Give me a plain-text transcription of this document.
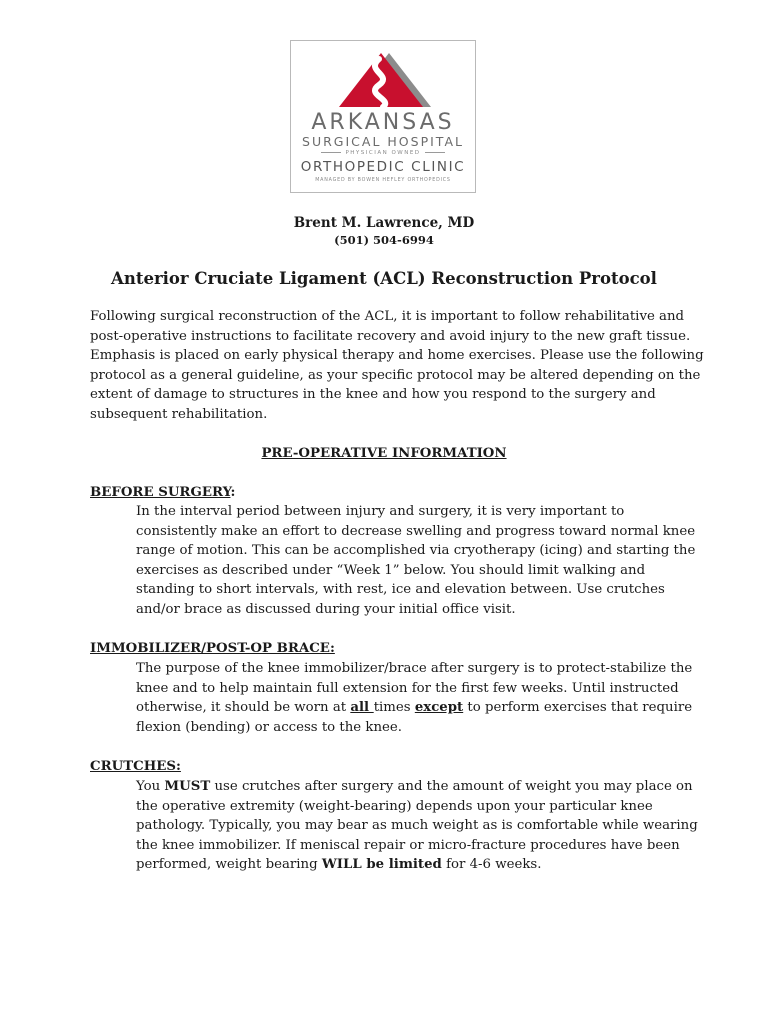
ARKANSAS
SURGICAL HOSPITAL
PHYSICIAN OWNED
ORTHOPEDIC CLINIC
MANAGED BY BOWEN HEFLEY ORTHOPEDICS
Brent M. Lawrence, MD
(501) 504-6994
Anterior Cruciate Ligament (ACL) Reconstruction Protocol
Following surgical reconstruction of the ACL, it is important to follow rehabilitative and
post-operative instructions to facilitate recovery and avoid injury to the new graft tissue.
Emphasis is placed on early physical therapy and home exercises. Please use the following
protocol as a general guideline, as your specific protocol may be altered depending on the
extent of damage to structures in the knee and how you respond to the surgery and
subsequent rehabilitation.
PRE-OPERATIVE INFORMATION
BEFORE SURGERY:
In the interval period between injury and surgery, it is very important to
consistently make an effort to decrease swelling and progress toward normal knee
range of motion. This can be accomplished via cryotherapy (icing) and starting the
exercises as described under “Week 1” below. You should limit walking and
standing to short intervals, with rest, ice and elevation between. Use crutches
and/or brace as discussed during your initial office visit.
IMMOBILIZER/POST-OP BRACE:
The purpose of the knee immobilizer/brace after surgery is to protect-stabilize the
knee and to help maintain full extension for the first few weeks. Until instructed
otherwise, it should be worn at all times except to perform exercises that require
flexion (bending) or access to the knee.
CRUTCHES:
You MUST use crutches after surgery and the amount of weight you may place on
the operative extremity (weight-bearing) depends upon your particular knee
pathology. Typically, you may bear as much weight as is comfortable while wearing
the knee immobilizer. If meniscal repair or micro-fracture procedures have been
performed, weight bearing WILL be limited for 4-6 weeks.
